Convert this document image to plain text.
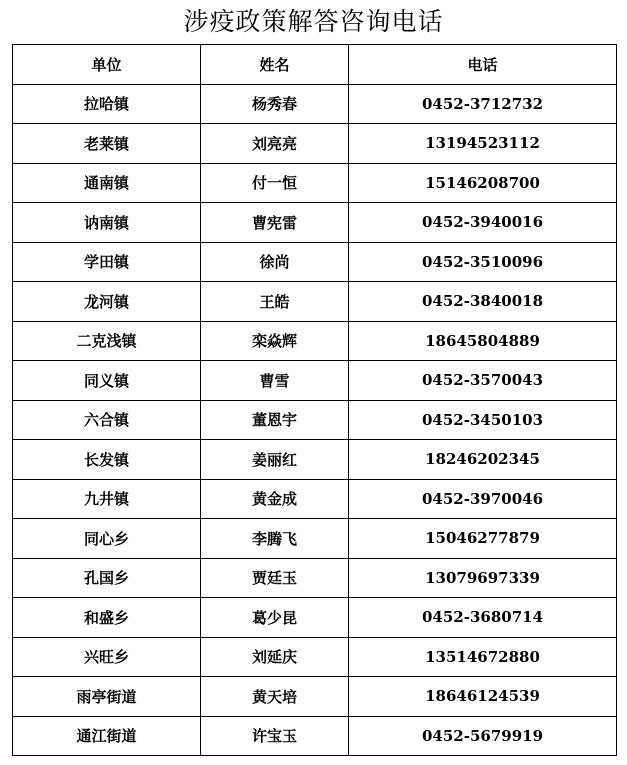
涉疫政策解答咨询电话
单位	姓名	电话
拉哈镇	杨秀春	0452-3712732
老莱镇	刘亮亮	13194523112
通南镇	付一恒	15146208700
讷南镇	曹宪雷	0452-3940016
学田镇	徐尚	0452-3510096
龙河镇	王皓	0452-3840018
二克浅镇	栾焱辉	18645804889
同义镇	曹雪	0452-3570043
六合镇	董恩宇	0452-3450103
长发镇	姜丽红	18246202345
九井镇	黄金成	0452-3970046
同心乡	李腾飞	15046277879
孔国乡	贾廷玉	13079697339
和盛乡	葛少昆	0452-3680714
兴旺乡	刘延庆	13514672880
雨亭街道	黄天培	18646124539
通江街道	许宝玉	0452-5679919
